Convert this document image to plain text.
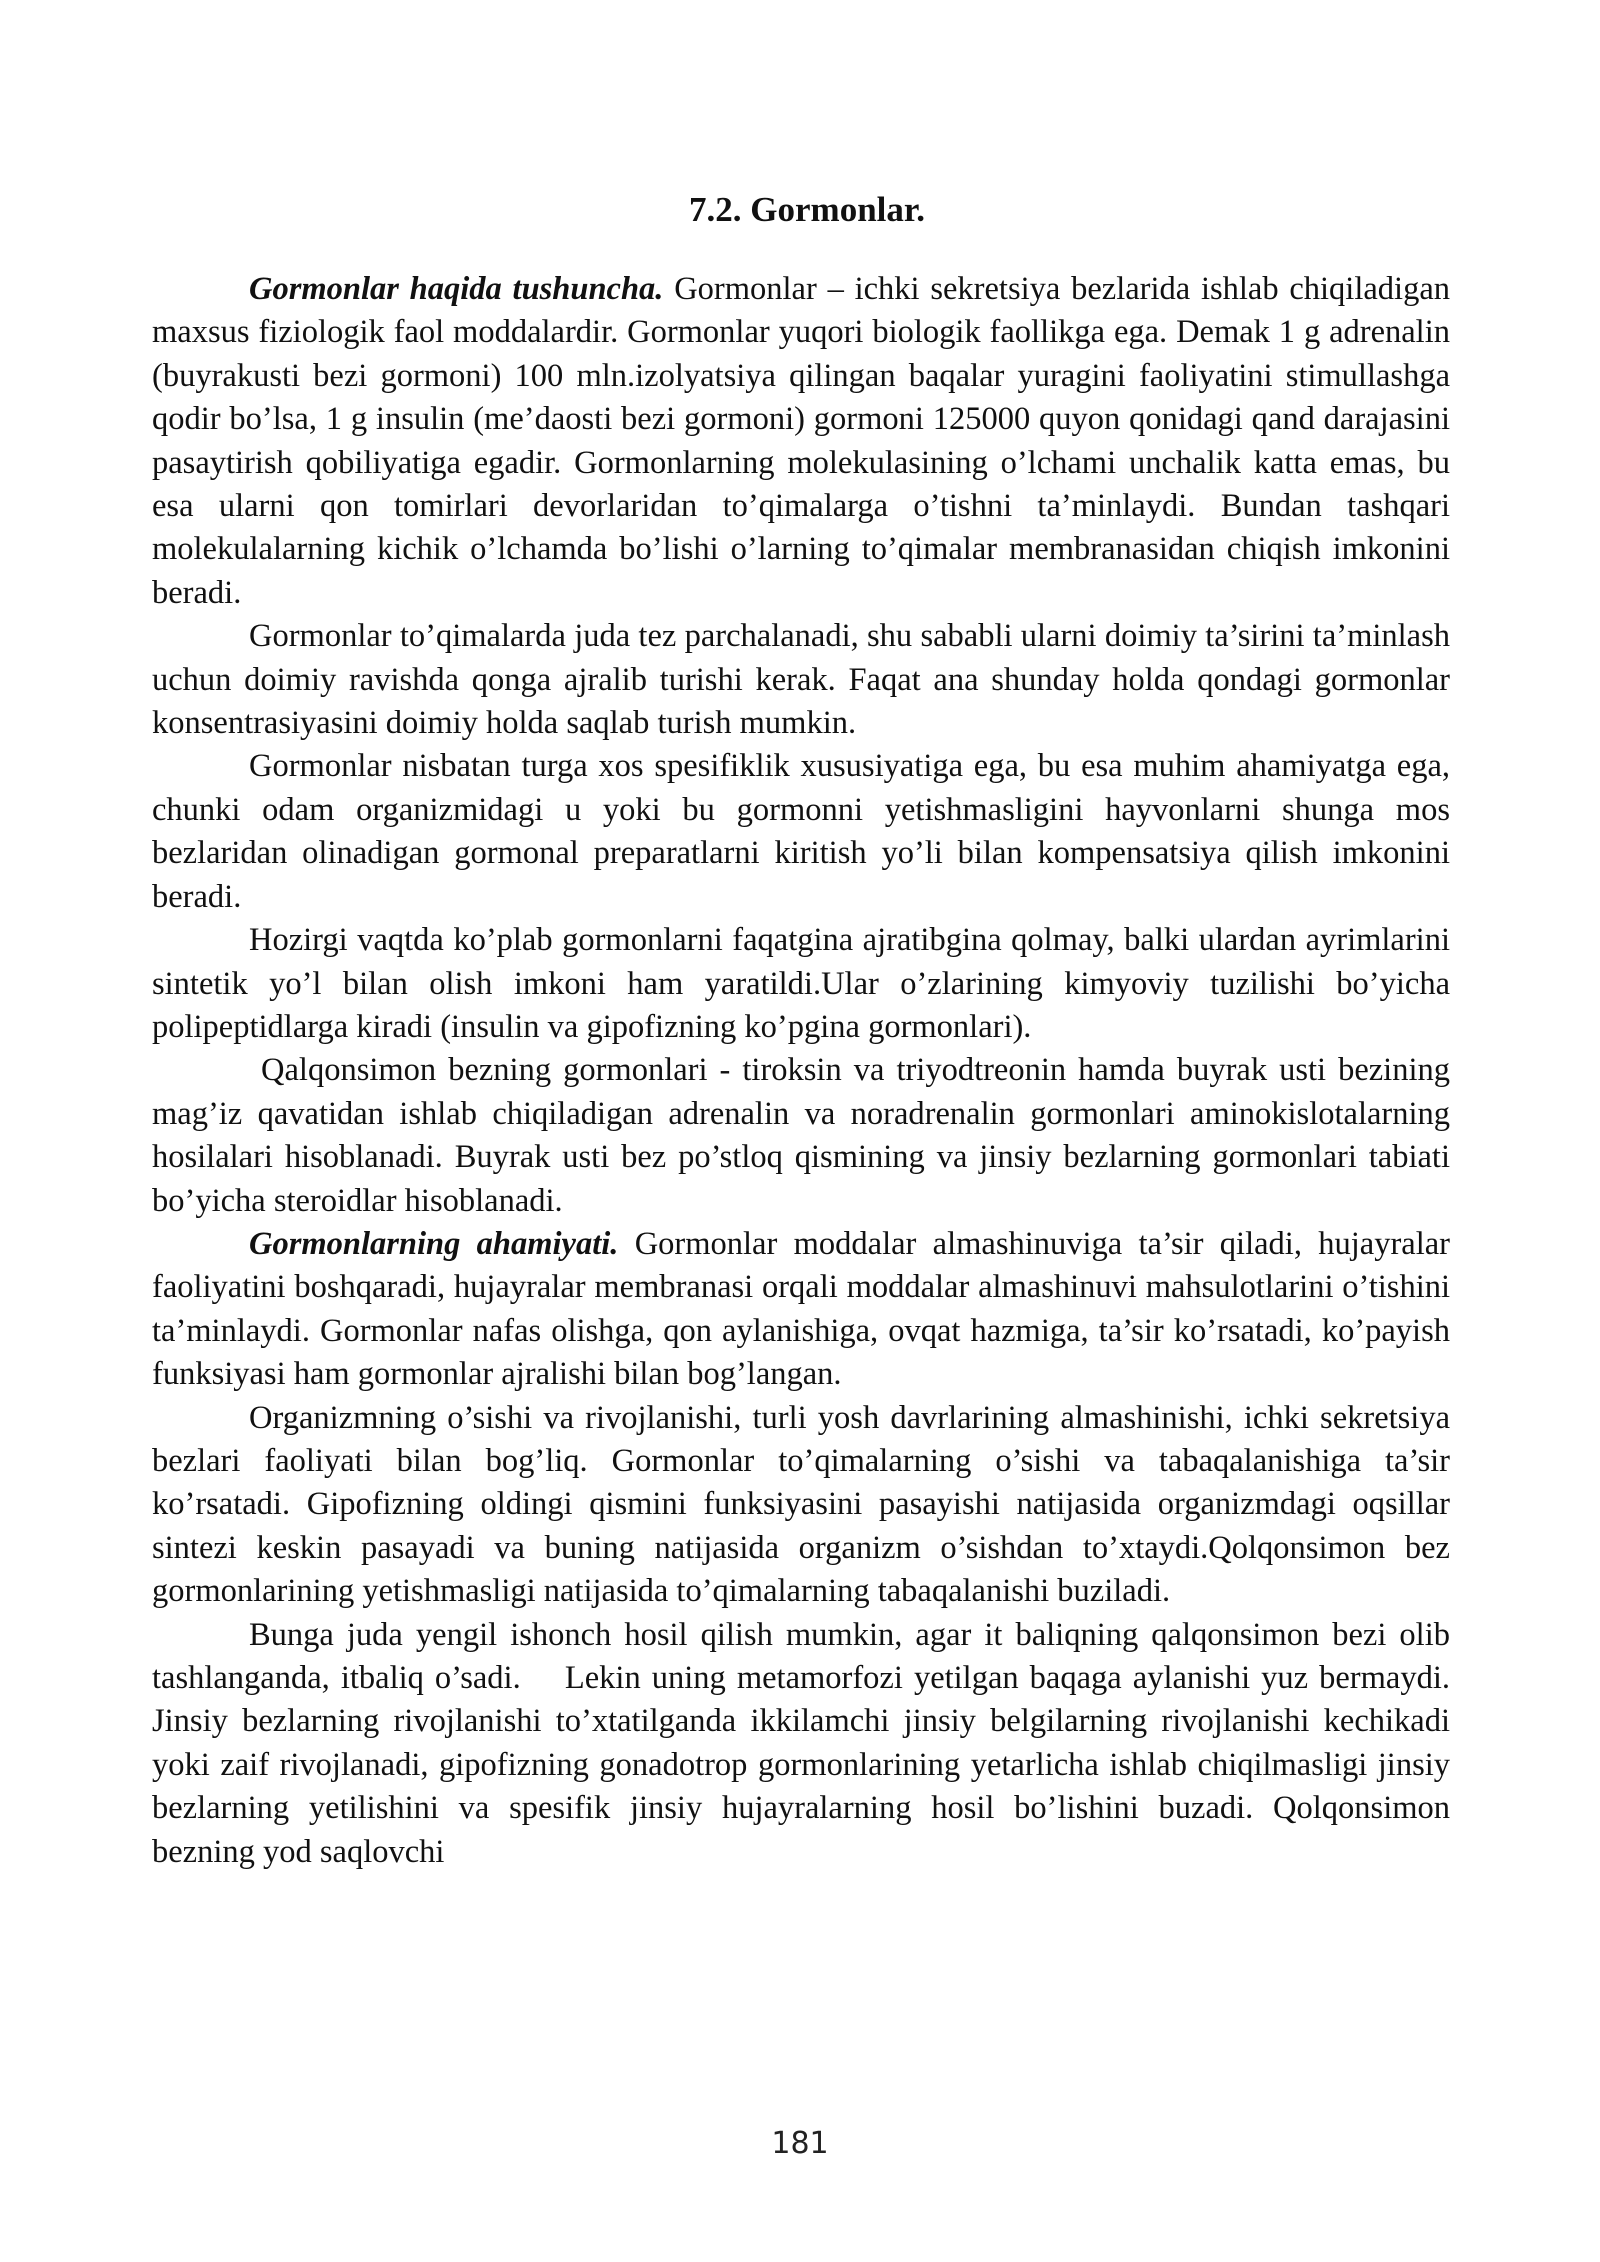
7.2. Gormonlar.

Gormonlar haqida tushuncha. Gormonlar – ichki sekretsiya bezlarida ishlab chiqiladigan maxsus fiziologik faol moddalardir. Gormonlar yuqori biologik faollikga ega. Demak 1 g adrenalin (buyrakusti bezi gormoni) 100 mln.izolyatsiya qilingan baqalar yuragini faoliyatini stimullashga qodir bo’lsa, 1 g insulin (me’daosti bezi gormoni) gormoni 125000 quyon qonidagi qand darajasini pasaytirish qobiliyatiga egadir. Gormonlarning molekulasining o’lchami unchalik katta emas, bu esa ularni qon tomirlari devorlaridan to’qimalarga o’tishni ta’minlaydi. Bundan tashqari molekulalarning kichik o’lchamda bo’lishi o’larning to’qimalar membranasidan chiqish imkonini beradi.

Gormonlar to’qimalarda juda tez parchalanadi, shu sababli ularni doimiy ta’sirini ta’minlash uchun doimiy ravishda qonga ajralib turishi kerak. Faqat ana shunday holda qondagi gormonlar konsentrasiyasini doimiy holda saqlab turish mumkin.

Gormonlar nisbatan turga xos spesifiklik xususiyatiga ega, bu esa muhim ahamiyatga ega, chunki odam organizmidagi u yoki bu gormonni yetishmasligini hayvonlarni shunga mos bezlaridan olinadigan gormonal preparatlarni kiritish yo’li bilan kompensatsiya qilish imkonini beradi.

Hozirgi vaqtda ko’plab gormonlarni faqatgina ajratibgina qolmay, balki ulardan ayrimlarini sintetik yo’l bilan olish imkoni ham yaratildi.Ular o’zlarining kimyoviy tuzilishi bo’yicha polipeptidlarga kiradi (insulin va gipofizning ko’pgina gormonlari).

Qalqonsimon bezning gormonlari - tiroksin va triyodtreonin hamda buyrak usti bezining mag’iz qavatidan ishlab chiqiladigan adrenalin va noradrenalin gormonlari aminokislotalarning hosilalari hisoblanadi. Buyrak usti bez po’stloq qismining va jinsiy bezlarning gormonlari tabiati bo’yicha steroidlar hisoblanadi.

Gormonlarning ahamiyati. Gormonlar moddalar almashinuviga ta’sir qiladi, hujayralar faoliyatini boshqaradi, hujayralar membranasi orqali moddalar almashinuvi mahsulotlarini o’tishini ta’minlaydi. Gormonlar nafas olishga, qon aylanishiga, ovqat hazmiga, ta’sir ko’rsatadi, ko’payish funksiyasi ham gormonlar ajralishi bilan bog’langan.

Organizmning o’sishi va rivojlanishi, turli yosh davrlarining almashinishi, ichki sekretsiya bezlari faoliyati bilan bog’liq. Gormonlar to’qimalarning o’sishi va tabaqalanishiga ta’sir ko’rsatadi. Gipofizning oldingi qismini funksiyasini pasayishi natijasida organizmdagi oqsillar sintezi keskin pasayadi va buning natijasida organizm o’sishdan to’xtaydi.Qolqonsimon bez gormonlarining yetishmasligi natijasida to’qimalarning tabaqalanishi buziladi.

Bunga juda yengil ishonch hosil qilish mumkin, agar it baliqning qalqonsimon bezi olib tashlanganda, itbaliq o’sadi.    Lekin uning metamorfozi yetilgan baqaga aylanishi yuz bermaydi. Jinsiy bezlarning rivojlanishi to’xtatilganda ikkilamchi jinsiy belgilarning rivojlanishi kechikadi yoki zaif rivojlanadi, gipofizning gonadotrop gormonlarining yetarlicha ishlab chiqilmasligi jinsiy bezlarning yetilishini va spesifik jinsiy hujayralarning hosil bo’lishini buzadi. Qolqonsimon bezning yod saqlovchi

181
